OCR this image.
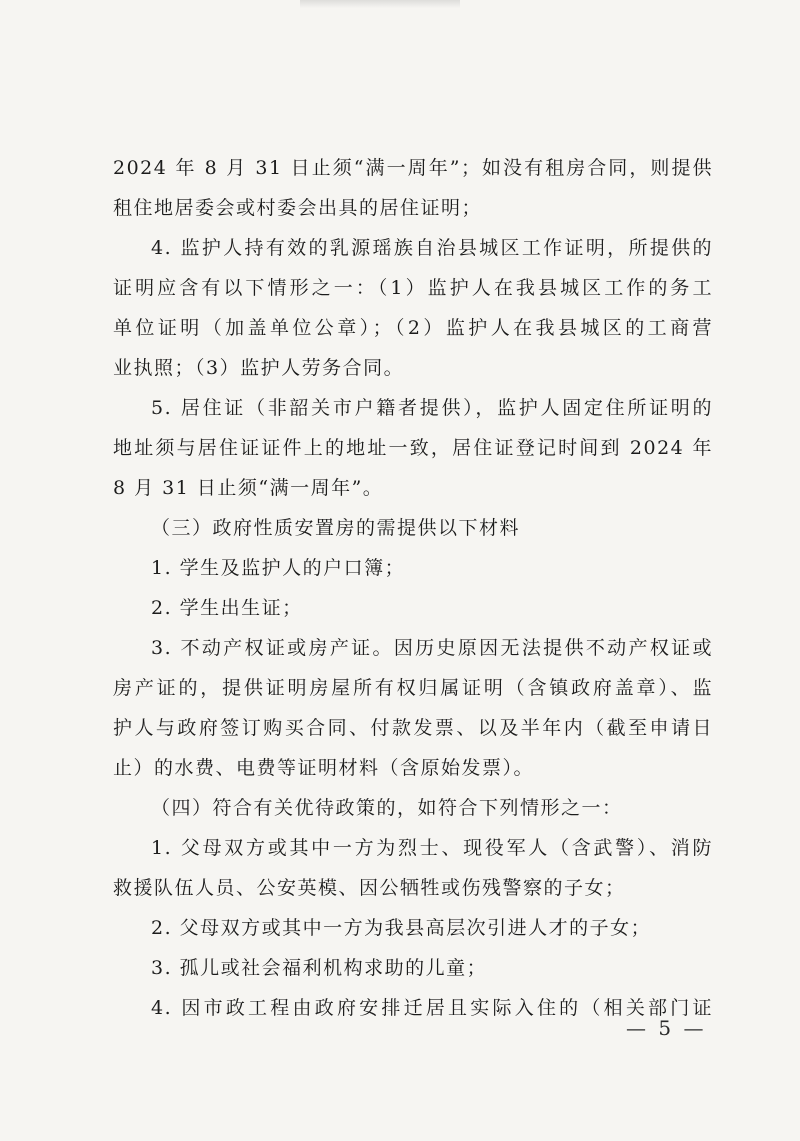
2024 年 8 月 31 日止须“满一周年”；如没有租房合同，则提供
租住地居委会或村委会出具的居住证明；
4. 监护人持有效的乳源瑶族自治县城区工作证明，所提供的
证明应含有以下情形之一：（1）监护人在我县城区工作的务工
单位证明（加盖单位公章）；（2）监护人在我县城区的工商营
业执照；（3）监护人劳务合同。
5. 居住证（非韶关市户籍者提供），监护人固定住所证明的
地址须与居住证证件上的地址一致，居住证登记时间到 2024 年
8 月 31 日止须“满一周年”。
（三）政府性质安置房的需提供以下材料
1. 学生及监护人的户口簿；
2. 学生出生证；
3. 不动产权证或房产证。因历史原因无法提供不动产权证或
房产证的，提供证明房屋所有权归属证明（含镇政府盖章）、监
护人与政府签订购买合同、付款发票、以及半年内（截至申请日
止）的水费、电费等证明材料（含原始发票）。
（四）符合有关优待政策的，如符合下列情形之一：
1. 父母双方或其中一方为烈士、现役军人（含武警）、消防
救援队伍人员、公安英模、因公牺牲或伤残警察的子女；
2. 父母双方或其中一方为我县高层次引进人才的子女；
3. 孤儿或社会福利机构求助的儿童；
4. 因市政工程由政府安排迁居且实际入住的（相关部门证
— 5 —
